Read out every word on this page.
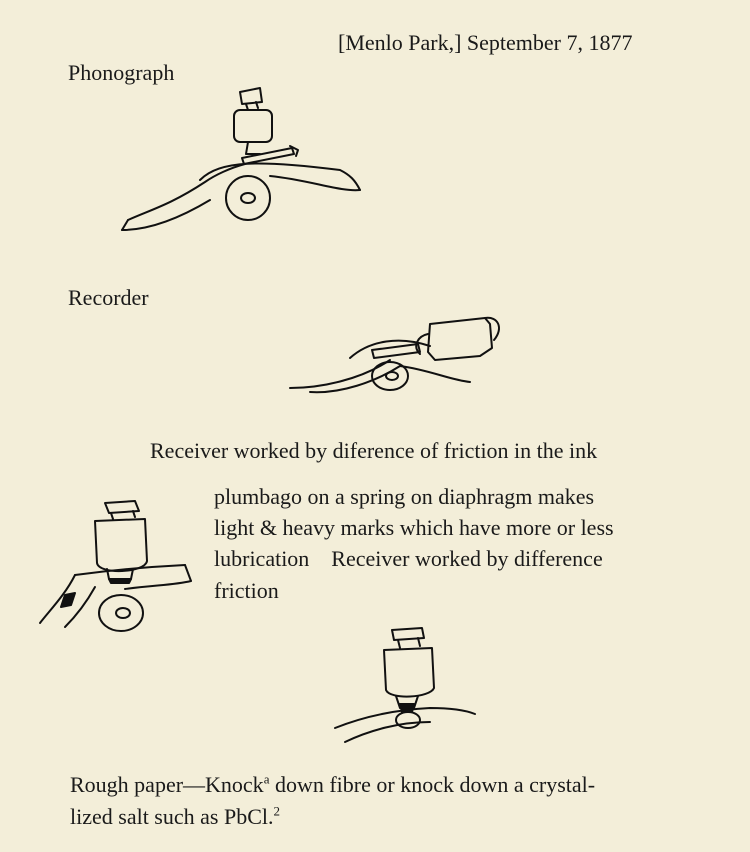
[Menlo Park,] September 7, 1877
Phonograph
Recorder
Receiver worked by diference of friction in the ink
plumbago on a spring on diaphragm makes
light & heavy marks which have more or less
lubrication    Receiver worked by difference
friction
Rough paper—Knock$^a$ down fibre or knock down a crystal-
lized salt such as PbCl.$^2$
